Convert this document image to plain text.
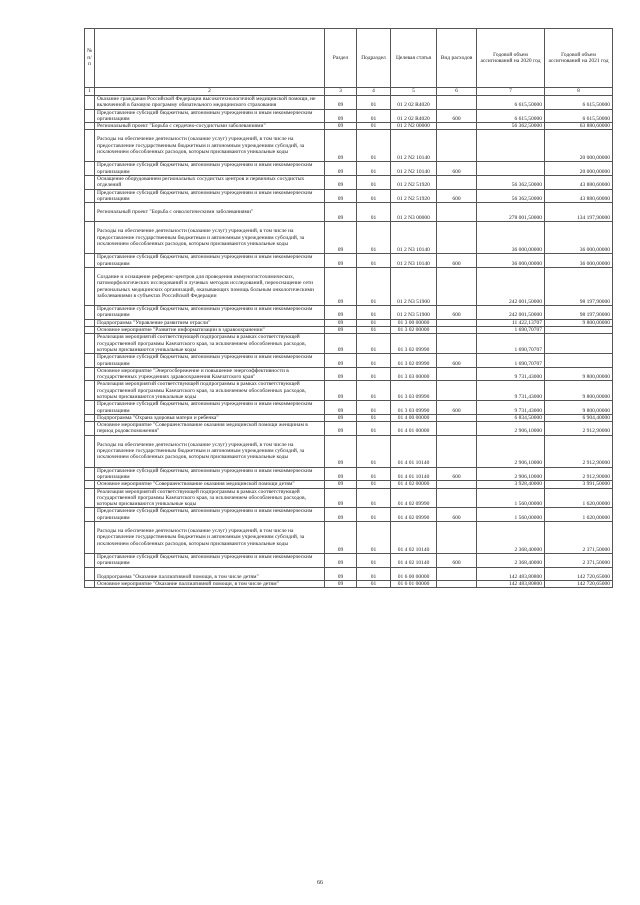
№ п/п		Раздел	Подраздел	Целевая статья	Вид расходов	Годовой объем ассигнований на 2020 год	Годовой объем ассигнований на 2021 год
1	2	3	4	5	6	7	8

	Оказание гражданам Российской Федерации высокотехнологичной медицинской помощи, не включенной в базовую программу обязательного медицинского страхования	09	01	01 2 02 R4020		6 615,50000	6 615,50000

	Предоставление субсидий бюджетным, автономным учреждениям и иным некоммерческим организациям	09	01	01 2 02 R4020	600	6 615,50000	6 615,50000

	Региональный проект "Борьба с сердечно-сосудистыми заболеваниями"	09	01	01 2 N2 00000		56 362,50000	63 880,60000

	Расходы на обеспечение деятельности (оказание услуг) учреждений, в том числе на предоставление государственным бюджетным и автономным учреждениям субсидий, за исключением обособленных расходов, которым присваиваются уникальные коды	09	01	01 2 N2 10140			20 000,00000

	Предоставление субсидий бюджетным, автономным учреждениям и иным некоммерческим организациям	09	01	01 2 N2 10140	600		20 000,00000

	Оснащение оборудованием региональных сосудистых центров и первичных сосудистых отделений	09	01	01 2 N2 51920		56 362,50000	43 880,60000

	Предоставление субсидий бюджетным, автономным учреждениям и иным некоммерческим организациям	09	01	01 2 N2 51920	600	56 362,50000	43 880,60000

	Региональный проект "Борьба с онкологическими заболеваниями"	09	01	01 2 N3 00000		278 001,50000	134 197,90000

	Расходы на обеспечение деятельности (оказание услуг) учреждений, в том числе на предоставление государственным бюджетным и автономным учреждениям субсидий, за исключением обособленных расходов, которым присваиваются уникальные коды	09	01	01 2 N3 10140		36 000,00000	36 000,00000

	Предоставление субсидий бюджетным, автономным учреждениям и иным некоммерческим организациям	09	01	01 2 N3 10140	600	36 000,00000	36 000,00000

	Создание и оснащение референс-центров для проведения иммуногистохимических, патоморфологических исследований и лучевых методов исследований, переоснащение сети региональных медицинских организаций, оказывающих помощь больным онкологическими заболеваниями в субъектах Российской Федерации	09	01	01 2 N3 51900		242 001,50000	98 197,90000

	Предоставление субсидий бюджетным, автономным учреждениям и иным некоммерческим организациям	09	01	01 2 N3 51900	600	242 001,50000	98 197,90000

	Подпрограмма "Управление развитием отрасли"	09	01	01 3 00 00000		11 422,13707	9 800,00000

	Основное мероприятие "Развитие информатизации в здравоохранении"	09	01	01 3 02 00000		1 690,70707	

	Реализация мероприятий соответствующей подпрограммы в рамках соответствующей государственной программы Камчатского края, за исключением обособленных расходов, которым присваиваются уникальные коды	09	01	01 3 02 09990		1 690,70707	

	Предоставление субсидий бюджетным, автономным учреждениям и иным некоммерческим организациям	09	01	01 3 02 09990	600	1 690,70707	

	Основное мероприятие "Энергосбережение и повышение энергоэффективности в государственных учреждениях здравоохранения Камчатского края"	09	01	01 3 03 00000		9 731,43000	9 800,00000

	Реализация мероприятий соответствующей подпрограммы в рамках соответствующей государственной программы Камчатского края, за исключением обособленных расходов, которым присваиваются уникальные коды	09	01	01 3 03 09990		9 731,43000	9 800,00000

	Предоставление субсидий бюджетным, автономным учреждениям и иным некоммерческим организациям	09	01	01 3 03 09990	600	9 731,43000	9 800,00000

	Подпрограмма "Охрана здоровья матери и ребенка"	09	01	01 4 00 00000		6 834,50000	6 904,40000

	Основное мероприятие "Совершенствование оказания медицинской помощи женщинам в период родовспоможения"	09	01	01 4 01 00000		2 906,10000	2 912,90000

	Расходы на обеспечение деятельности (оказание услуг) учреждений, в том числе на предоставление государственным бюджетным и автономным учреждениям субсидий, за исключением обособленных расходов, которым присваиваются уникальные коды	09	01	01 4 01 10140		2 906,10000	2 912,90000

	Предоставление субсидий бюджетным, автономным учреждениям и иным некоммерческим организациям	09	01	01 4 01 10140	600	2 906,10000	2 912,90000

	Основное мероприятие "Совершенствование оказания медицинской помощи детям"	09	01	01 4 02 00000		3 928,40000	3 991,50000

	Реализация мероприятий соответствующей подпрограммы в рамках соответствующей государственной программы Камчатского края, за исключением обособленных расходов, которым присваиваются уникальные коды	09	01	01 4 02 09990		1 560,00000	1 620,00000

	Предоставление субсидий бюджетным, автономным учреждениям и иным некоммерческим организациям	09	01	01 4 02 09990	600	1 560,00000	1 620,00000

	Расходы на обеспечение деятельности (оказание услуг) учреждений, в том числе на предоставление государственным бюджетным и автономным учреждениям субсидий, за исключением обособленных расходов, которым присваиваются уникальные коды	09	01	01 4 02 10140		2 368,40000	2 371,50000

	Предоставление субсидий бюджетным, автономным учреждениям и иным некоммерческим организациям	09	01	01 4 02 10140	600	2 368,40000	2 371,50000

	Подпрограмма "Оказание паллиативной помощи, в том числе детям"	09	01	01 6 00 00000		142 483,80800	142 720,65000

	Основное мероприятие "Оказание паллиативной помощи, в том числе детям"	09	01	01 6 01 00000		142 483,80800	142 720,65000
66
